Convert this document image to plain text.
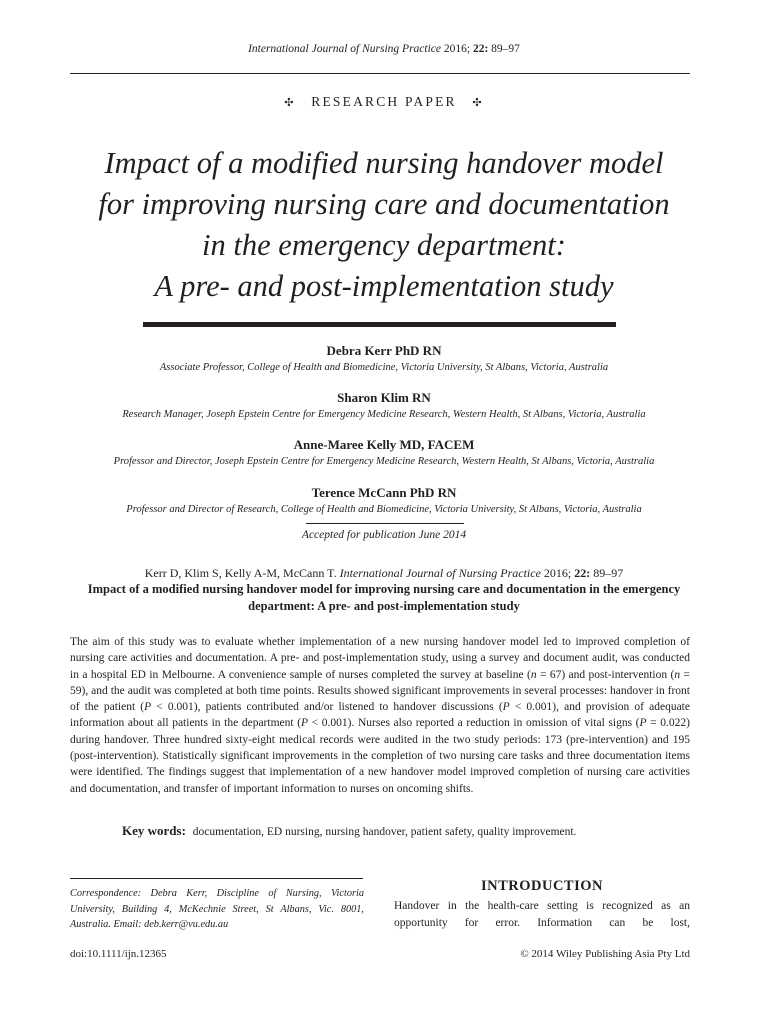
International Journal of Nursing Practice 2016; 22: 89–97
✣ RESEARCH PAPER ✣
Impact of a modified nursing handover model
for improving nursing care and documentation
in the emergency department:
A pre- and post-implementation study
Debra Kerr PhD RN
Associate Professor, College of Health and Biomedicine, Victoria University, St Albans, Victoria, Australia
Sharon Klim RN
Research Manager, Joseph Epstein Centre for Emergency Medicine Research, Western Health, St Albans, Victoria, Australia
Anne-Maree Kelly MD, FACEM
Professor and Director, Joseph Epstein Centre for Emergency Medicine Research, Western Health, St Albans, Victoria, Australia
Terence McCann PhD RN
Professor and Director of Research, College of Health and Biomedicine, Victoria University, St Albans, Victoria, Australia
Accepted for publication June 2014
Kerr D, Klim S, Kelly A-M, McCann T. International Journal of Nursing Practice 2016; 22: 89–97
Impact of a modified nursing handover model for improving nursing care and documentation in the emergency department: A pre- and post-implementation study

The aim of this study was to evaluate whether implementation of a new nursing handover model led to improved completion of nursing care activities and documentation. A pre- and post-implementation study, using a survey and document audit, was conducted in a hospital ED in Melbourne. A convenience sample of nurses completed the survey at baseline (n = 67) and post-intervention (n = 59), and the audit was completed at both time points. Results showed significant improvements in several processes: handover in front of the patient (P < 0.001), patients contributed and/or listened to handover discussions (P < 0.001), and provision of adequate information about all patients in the department (P < 0.001). Nurses also reported a reduction in omission of vital signs (P = 0.022) during handover. Three hundred sixty-eight medical records were audited in the two study periods: 173 (pre-intervention) and 195 (post-intervention). Statistically significant improvements in the completion of two nursing care tasks and three documentation items were identified. The findings suggest that implementation of a new handover model improved completion of nursing care activities and documentation, and transfer of important information to nurses on oncoming shifts.

Key words: documentation, ED nursing, nursing handover, patient safety, quality improvement.

Correspondence: Debra Kerr, Discipline of Nursing, Victoria University, Building 4, McKechnie Street, St Albans, Vic. 8001, Australia. Email: deb.kerr@vu.edu.au

INTRODUCTION

Handover in the health-care setting is recognized as an opportunity for error. Information can be lost,

doi:10.1111/ijn.12365	© 2014 Wiley Publishing Asia Pty Ltd
